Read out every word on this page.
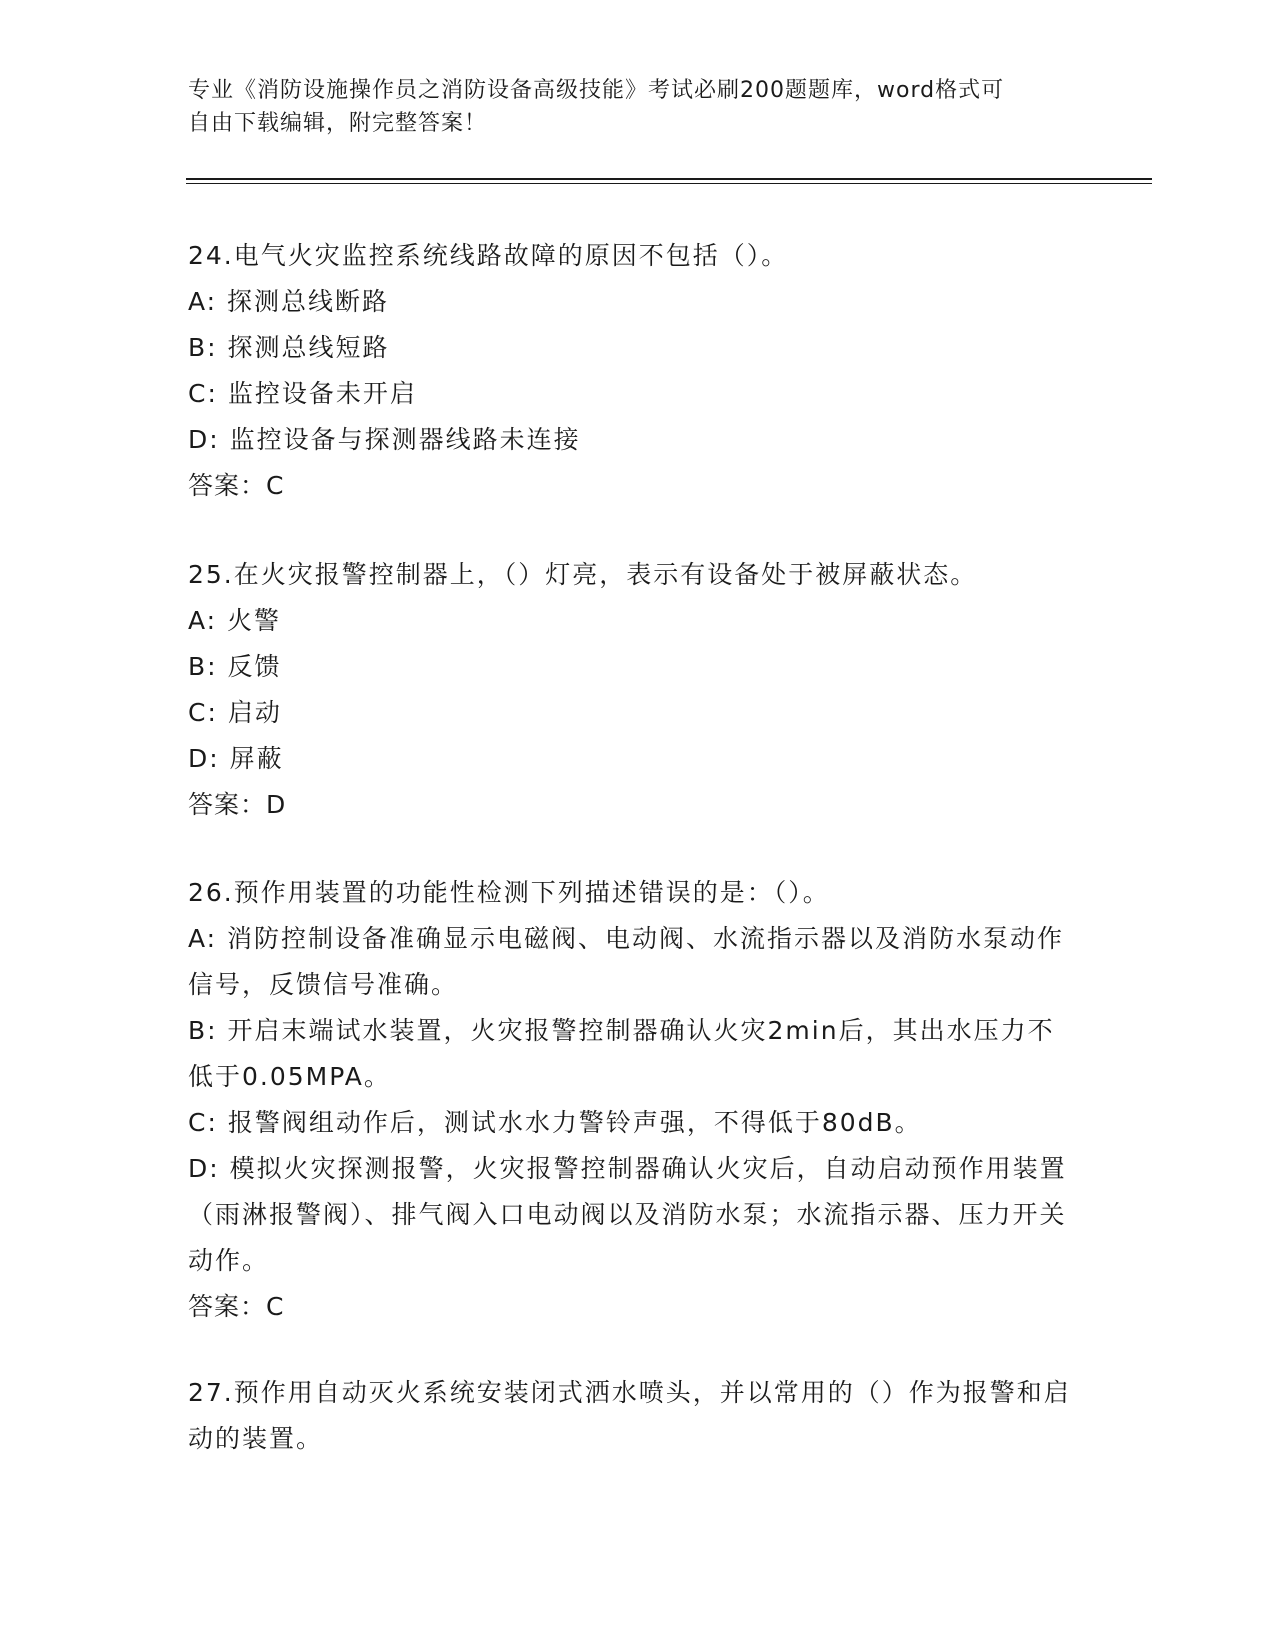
专业《消防设施操作员之消防设备高级技能》考试必刷200题题库，word格式可
自由下载编辑，附完整答案！
24.电气火灾监控系统线路故障的原因不包括（）。
A: 探测总线断路
B: 探测总线短路
C: 监控设备未开启
D: 监控设备与探测器线路未连接
答案：C
25.在火灾报警控制器上，（）灯亮，表示有设备处于被屏蔽状态。
A: 火警
B: 反馈
C: 启动
D: 屏蔽
答案：D
26.预作用装置的功能性检测下列描述错误的是：（）。
A: 消防控制设备准确显示电磁阀、电动阀、水流指示器以及消防水泵动作信号，反馈信号准确。
B: 开启末端试水装置，火灾报警控制器确认火灾2min后，其出水压力不低于0.05MPA。
C: 报警阀组动作后，测试水水力警铃声强，不得低于80dB。
D: 模拟火灾探测报警，火灾报警控制器确认火灾后，自动启动预作用装置（雨淋报警阀）、排气阀入口电动阀以及消防水泵；水流指示器、压力开关动作。
答案：C
27.预作用自动灭火系统安装闭式洒水喷头，并以常用的（）作为报警和启动的装置。
